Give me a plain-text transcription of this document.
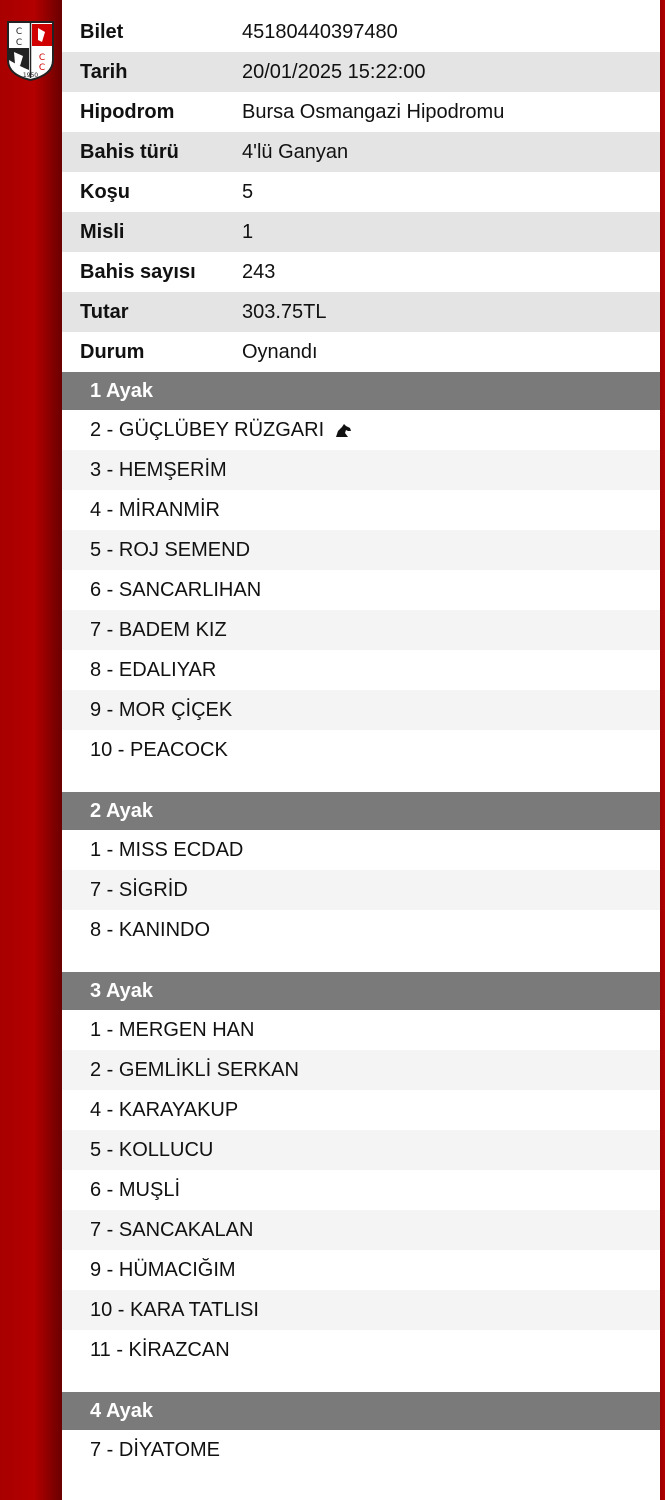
C
C
C
C
1950
Bilet	45180440397480
Tarih	20/01/2025 15:22:00
Hipodrom	Bursa Osmangazi Hipodromu
Bahis türü	4'lü Ganyan
Koşu	5
Misli	1
Bahis sayısı	243
Tutar	303.75TL
Durum	Oynandı
1 Ayak
2 - GÜÇLÜBEY RÜZGARI
3 - HEMŞERİM
4 - MİRANMİR
5 - ROJ SEMEND
6 - SANCARLIHAN
7 - BADEM KIZ
8 - EDALIYAR
9 - MOR ÇİÇEK
10 - PEACOCK
2 Ayak
1 - MISS ECDAD
7 - SİGRİD
8 - KANINDO
3 Ayak
1 - MERGEN HAN
2 - GEMLİKLİ SERKAN
4 - KARAYAKUP
5 - KOLLUCU
6 - MUŞLİ
7 - SANCAKALAN
9 - HÜMACIĞIM
10 - KARA TATLISI
11 - KİRAZCAN
4 Ayak
7 - DİYATOME
